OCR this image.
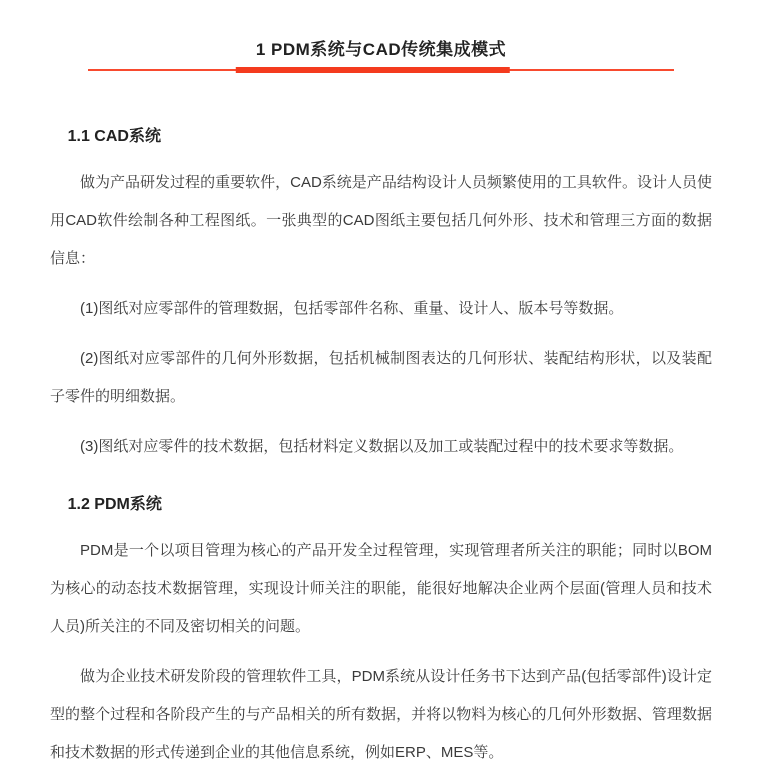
1 PDM系统与CAD传统集成模式
1.1 CAD系统

做为产品研发过程的重要软件，CAD系统是产品结构设计人员频繁使用的工具软件。设计人员使用CAD软件绘制各种工程图纸。一张典型的CAD图纸主要包括几何外形、技术和管理三方面的数据信息：

(1)图纸对应零部件的管理数据，包括零部件名称、重量、设计人、版本号等数据。

(2)图纸对应零部件的几何外形数据，包括机械制图表达的几何形状、装配结构形状，以及装配子零件的明细数据。

(3)图纸对应零件的技术数据，包括材料定义数据以及加工或装配过程中的技术要求等数据。

1.2 PDM系统

PDM是一个以项目管理为核心的产品开发全过程管理，实现管理者所关注的职能；同时以BOM为核心的动态技术数据管理，实现设计师关注的职能，能很好地解决企业两个层面(管理人员和技术人员)所关注的不同及密切相关的问题。

做为企业技术研发阶段的管理软件工具，PDM系统从设计任务书下达到产品(包括零部件)设计定型的整个过程和各阶段产生的与产品相关的所有数据，并将以物料为核心的几何外形数据、管理数据和技术数据的形式传递到企业的其他信息系统，例如ERP、MES等。
